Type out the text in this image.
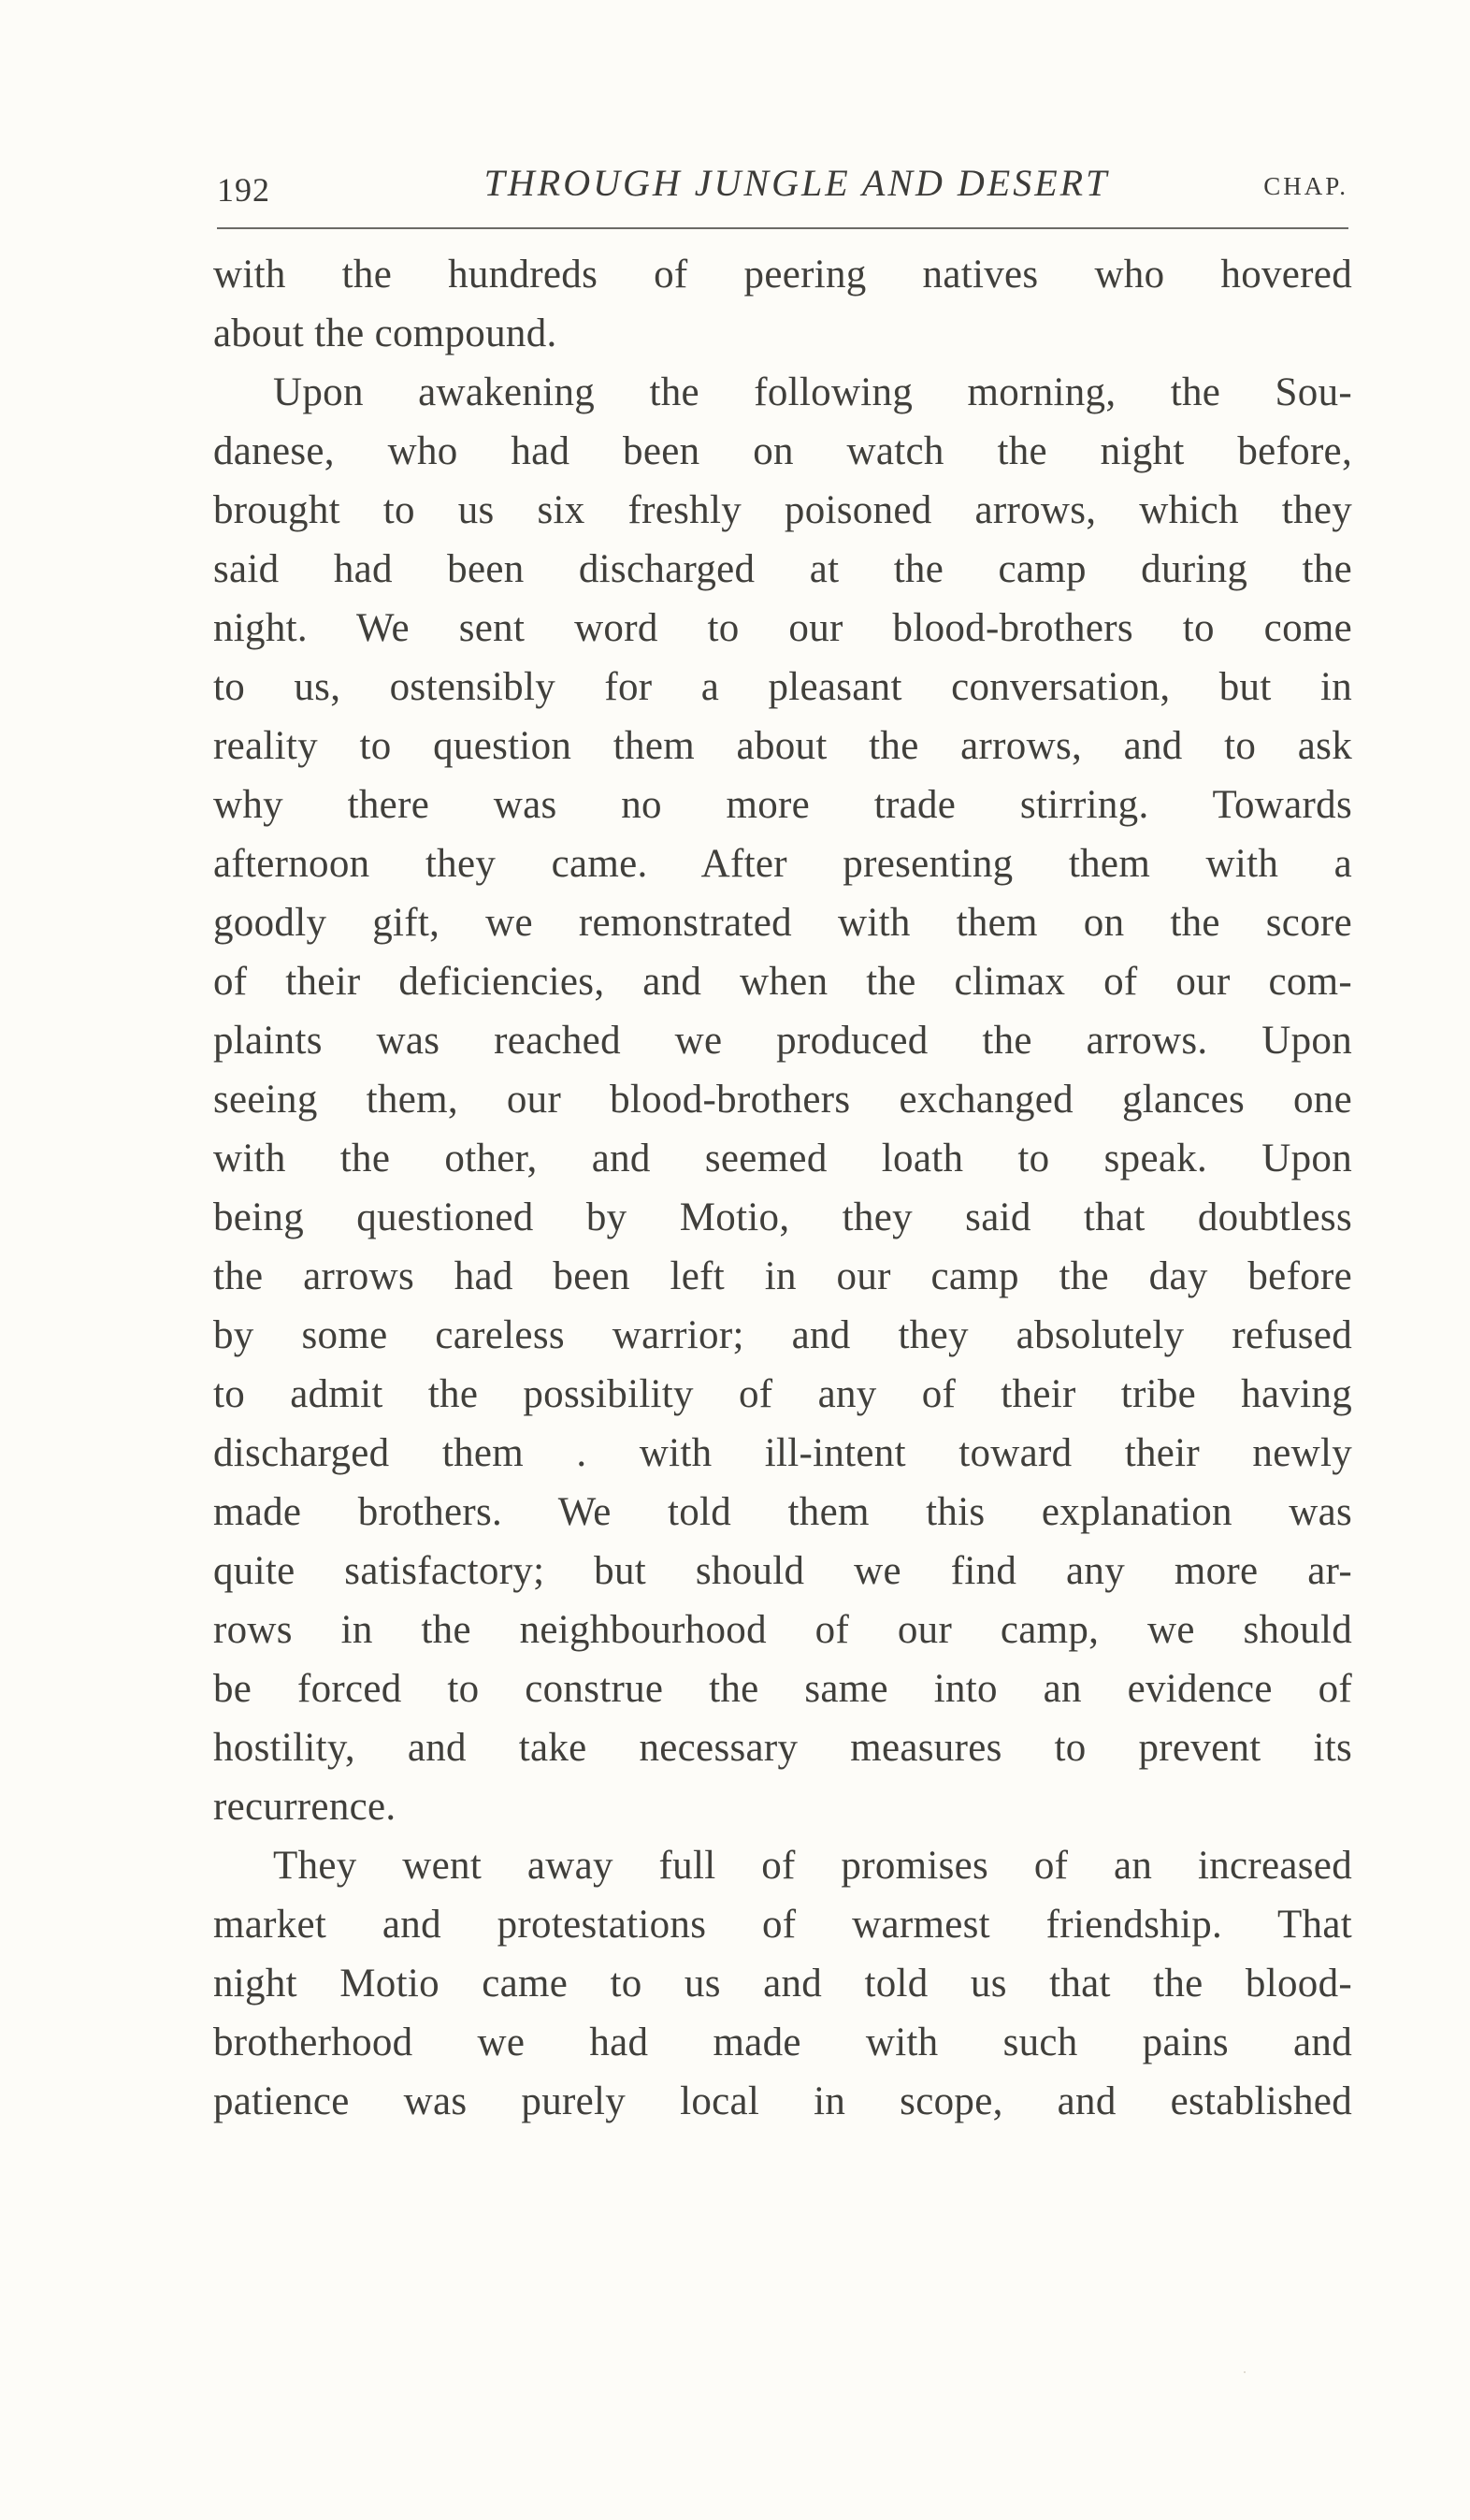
192	THROUGH JUNGLE AND DESERT	CHAP.
with the hundreds of peering natives who hovered
about the compound.
Upon awakening the following morning, the Sou-
danese, who had been on watch the night before,
brought to us six freshly poisoned arrows, which they
said had been discharged at the camp during the
night. We sent word to our blood-brothers to come
to us, ostensibly for a pleasant conversation, but in
reality to question them about the arrows, and to ask
why there was no more trade stirring. Towards
afternoon they came. After presenting them with a
goodly gift, we remonstrated with them on the score
of their deficiencies, and when the climax of our com-
plaints was reached we produced the arrows. Upon
seeing them, our blood-brothers exchanged glances one
with the other, and seemed loath to speak. Upon
being questioned by Motio, they said that doubtless
the arrows had been left in our camp the day before
by some careless warrior; and they absolutely refused
to admit the possibility of any of their tribe having
discharged them . with ill-intent toward their newly
made brothers. We told them this explanation was
quite satisfactory; but should we find any more ar-
rows in the neighbourhood of our camp, we should
be forced to construe the same into an evidence of
hostility, and take necessary measures to prevent its
recurrence.
They went away full of promises of an increased
market and protestations of warmest friendship. That
night Motio came to us and told us that the blood-
brotherhood we had made with such pains and
patience was purely local in scope, and established
